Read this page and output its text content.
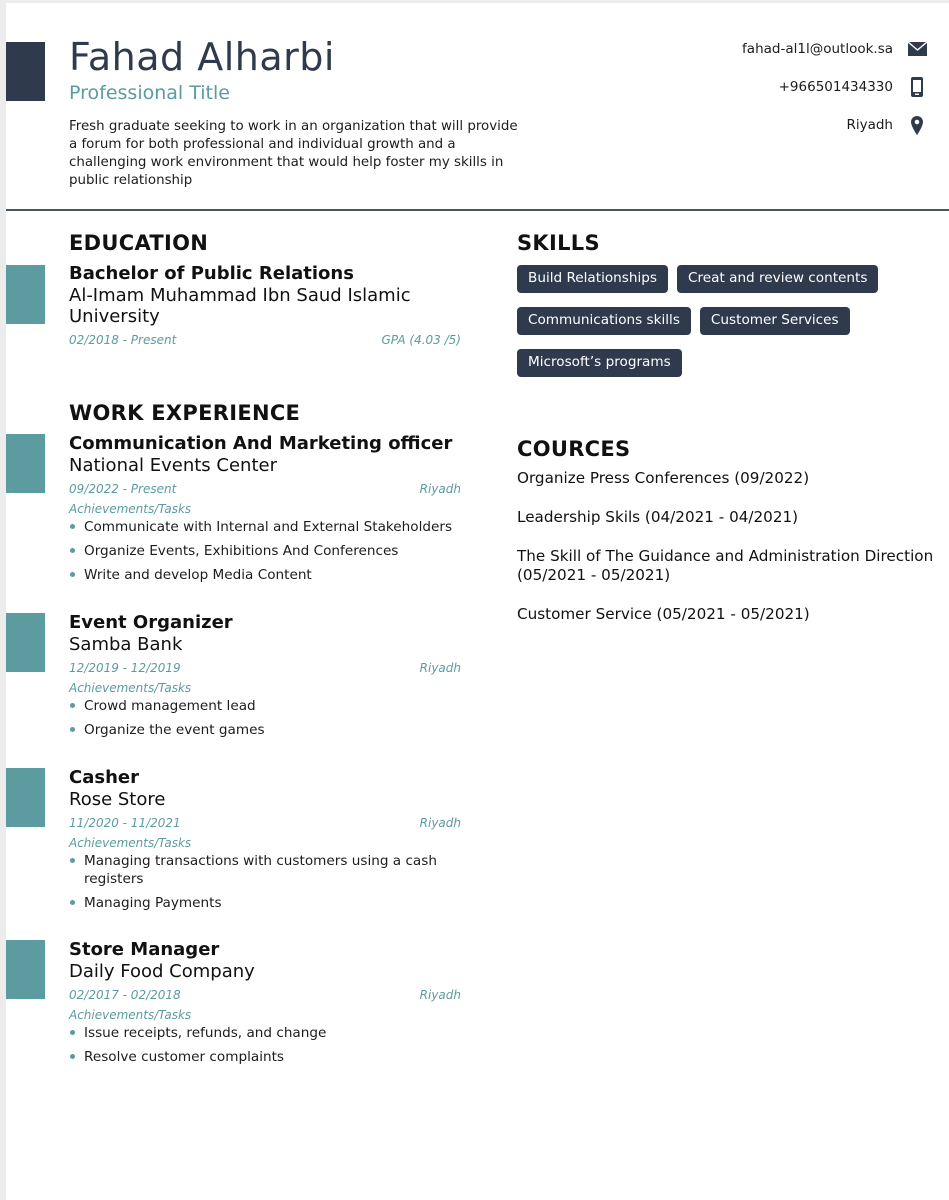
Fahad Alharbi
Professional Title
Fresh graduate seeking to work in an organization that will provide a forum for both professional and individual growth and a challenging work environment that would help foster my skills in public relationship
fahad-al1l@outlook.sa
+966501434330
Riyadh
EDUCATION
Bachelor of Public Relations
Al-Imam Muhammad Ibn Saud Islamic University
02/2018 - Present	GPA (4.03 /5)
WORK EXPERIENCE
Communication And Marketing officer
National Events Center
09/2022 - Present	Riyadh
Achievements/Tasks
Communicate with Internal and External Stakeholders
Organize Events, Exhibitions And Conferences
Write and develop Media Content
Event Organizer
Samba Bank
12/2019 - 12/2019	Riyadh
Achievements/Tasks
Crowd management lead
Organize the event games
Casher
Rose Store
11/2020 - 11/2021	Riyadh
Achievements/Tasks
Managing transactions with customers using a cash registers
Managing Payments
Store Manager
Daily Food Company
02/2017 - 02/2018	Riyadh
Achievements/Tasks
Issue receipts, refunds, and change
Resolve customer complaints
SKILLS
Build Relationships	Creat and review contents
Communications skills	Customer Services
Microsoft’s programs
COURCES
Organize Press Conferences (09/2022)
Leadership Skils (04/2021 - 04/2021)
The Skill of The Guidance and Administration Direction
(05/2021 - 05/2021)
Customer Service (05/2021 - 05/2021)
